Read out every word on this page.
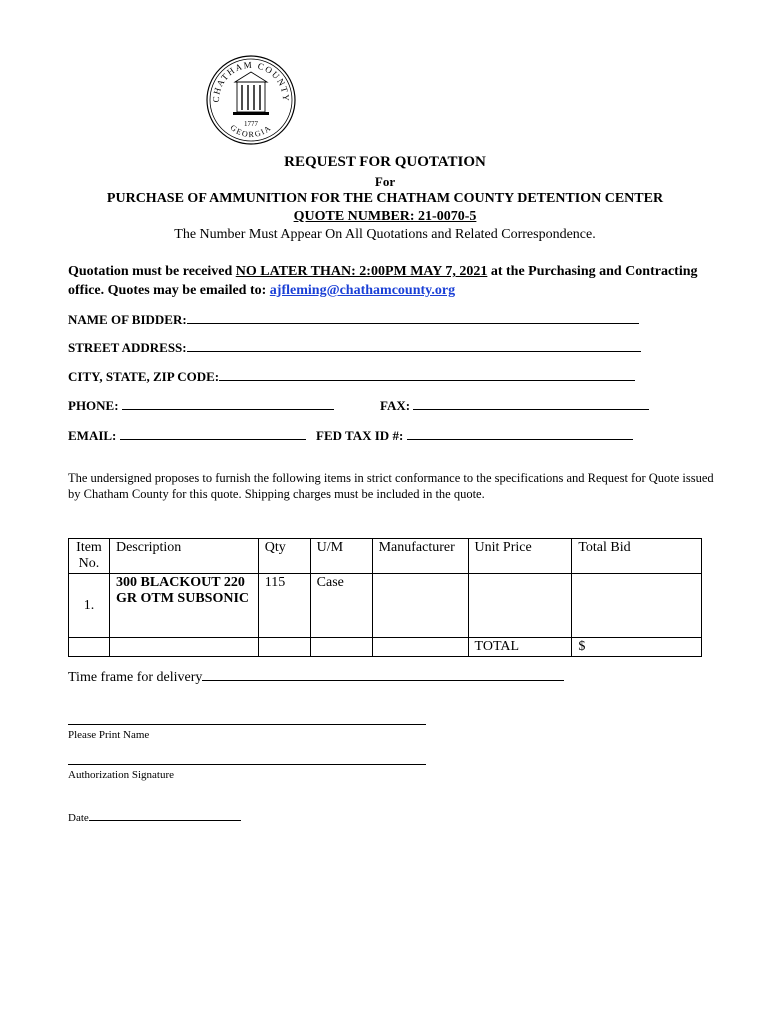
CHATHAM COUNTY
GEORGIA
1777
REQUEST FOR QUOTATION
For
PURCHASE OF AMMUNITION FOR THE CHATHAM COUNTY DETENTION CENTER
QUOTE NUMBER: 21-0070-5
The Number Must Appear On All Quotations and Related Correspondence.
Quotation must be received NO LATER THAN: 2:00PM MAY 7, 2021 at the Purchasing and Contracting office. Quotes may be emailed to: ajfleming@chathamcounty.org
NAME OF BIDDER:
STREET ADDRESS:
CITY, STATE, ZIP CODE:
PHONE:	FAX:
EMAIL:	FED TAX ID #:
The undersigned proposes to furnish the following items in strict conformance to the specifications and Request for Quote issued by Chatham County for this quote. Shipping charges must be included in the quote.
Item No.	Description	Qty	U/M	Manufacturer	Unit Price	Total Bid
1.	300 BLACKOUT 220 GR OTM SUBSONIC	115	Case			
					TOTAL	$
Time frame for delivery
Please Print Name
Authorization Signature
Date
